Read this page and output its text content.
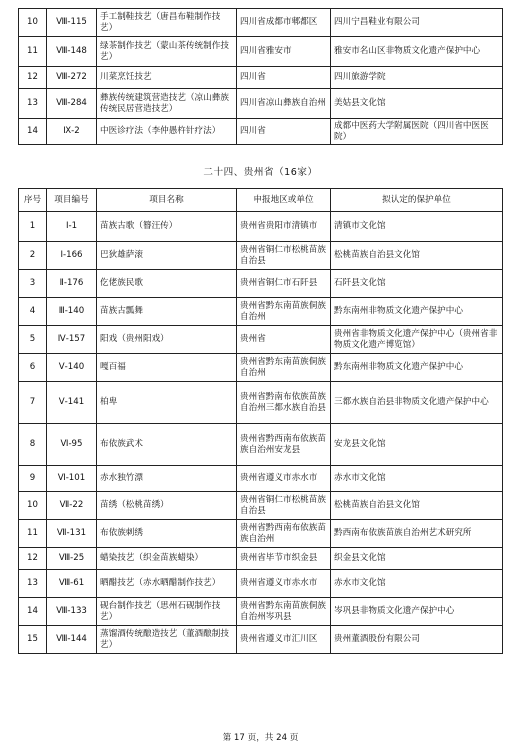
10	Ⅷ-115	手工制鞋技艺（唐昌布鞋制作技艺）	四川省成都市郫都区	四川宁昌鞋业有限公司
11	Ⅷ-148	绿茶制作技艺（蒙山茶传统制作技艺）	四川省雅安市	雅安市名山区非物质文化遗产保护中心
12	Ⅷ-272	川菜烹饪技艺	四川省	四川旅游学院
13	Ⅷ-284	彝族传统建筑营造技艺（凉山彝族传统民居营造技艺）	四川省凉山彝族自治州	美姑县文化馆
14	Ⅸ-2	中医诊疗法（李仲愚杵针疗法）	四川省	成都中医药大学附属医院（四川省中医医院）
二十四、贵州省（16家）
序号	项目编号	项目名称	申报地区或单位	拟认定的保护单位
1	Ⅰ-1	苗族古歌（簪汪传）	贵州省贵阳市清镇市	清镇市文化馆
2	Ⅰ-166	巴狄雄萨滚	贵州省铜仁市松桃苗族自治县	松桃苗族自治县文化馆
3	Ⅱ-176	仡佬族民歌	贵州省铜仁市石阡县	石阡县文化馆
4	Ⅲ-140	苗族古瓢舞	贵州省黔东南苗族侗族自治州	黔东南州非物质文化遗产保护中心
5	Ⅳ-157	阳戏（贵州阳戏）	贵州省	贵州省非物质文化遗产保护中心（贵州省非物质文化遗产博览馆）
6	Ⅴ-140	嘎百福	贵州省黔东南苗族侗族自治州	黔东南州非物质文化遗产保护中心
7	Ⅴ-141	柏卑	贵州省黔南布依族苗族自治州三都水族自治县	三都水族自治县非物质文化遗产保护中心
8	Ⅵ-95	布依族武术	贵州省黔西南布依族苗族自治州安龙县	安龙县文化馆
9	Ⅵ-101	赤水独竹漂	贵州省遵义市赤水市	赤水市文化馆
10	Ⅶ-22	苗绣（松桃苗绣）	贵州省铜仁市松桃苗族自治县	松桃苗族自治县文化馆
11	Ⅶ-131	布依族刺绣	贵州省黔西南布依族苗族自治州	黔西南布依族苗族自治州艺术研究所
12	Ⅷ-25	蜡染技艺（织金苗族蜡染）	贵州省毕节市织金县	织金县文化馆
13	Ⅷ-61	晒醋技艺（赤水晒醋制作技艺）	贵州省遵义市赤水市	赤水市文化馆
14	Ⅷ-133	砚台制作技艺（思州石砚制作技艺）	贵州省黔东南苗族侗族自治州岑巩县	岑巩县非物质文化遗产保护中心
15	Ⅷ-144	蒸馏酒传统酿造技艺（董酒酿制技艺）	贵州省遵义市汇川区	贵州董酒股份有限公司
第 17 页，共 24 页
